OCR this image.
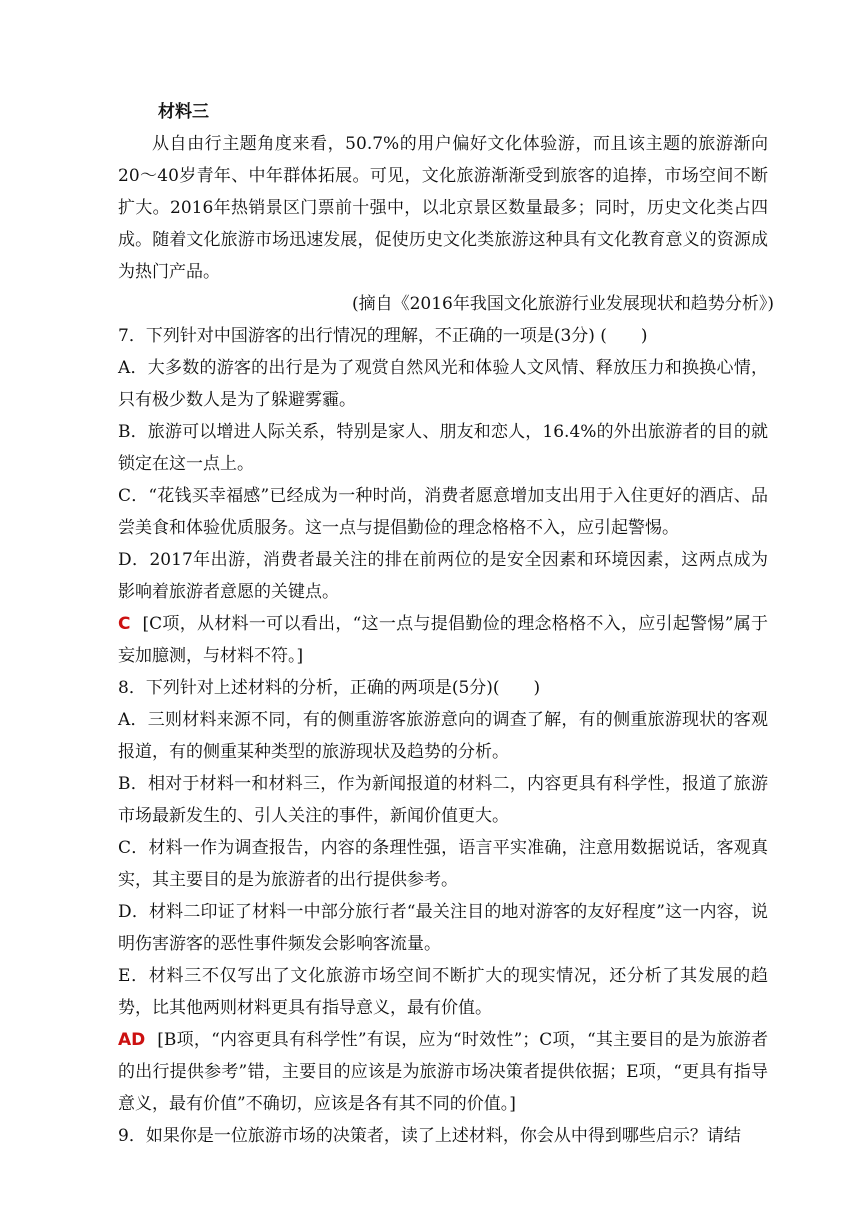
材料三

从自由行主题角度来看，50.7%的用户偏好文化体验游，而且该主题的旅游渐向20～40岁青年、中年群体拓展。可见，文化旅游渐渐受到旅客的追捧，市场空间不断扩大。2016年热销景区门票前十强中，以北京景区数量最多；同时，历史文化类占四成。随着文化旅游市场迅速发展，促使历史文化类旅游这种具有文化教育意义的资源成为热门产品。

(摘自《2016年我国文化旅游行业发展现状和趋势分析》)

7．下列针对中国游客的出行情况的理解，不正确的一项是(3分) (　　)

A．大多数的游客的出行是为了观赏自然风光和体验人文风情、释放压力和换换心情，只有极少数人是为了躲避雾霾。

B．旅游可以增进人际关系，特别是家人、朋友和恋人，16.4%的外出旅游者的目的就锁定在这一点上。

C．“花钱买幸福感”已经成为一种时尚，消费者愿意增加支出用于入住更好的酒店、品尝美食和体验优质服务。这一点与提倡勤俭的理念格格不入，应引起警惕。

D．2017年出游，消费者最关注的排在前两位的是安全因素和环境因素，这两点成为影响着旅游者意愿的关键点。

C [C项，从材料一可以看出，“这一点与提倡勤俭的理念格格不入，应引起警惕”属于妄加臆测，与材料不符。]

8．下列针对上述材料的分析，正确的两项是(5分)(　　)

A．三则材料来源不同，有的侧重游客旅游意向的调查了解，有的侧重旅游现状的客观报道，有的侧重某种类型的旅游现状及趋势的分析。

B．相对于材料一和材料三，作为新闻报道的材料二，内容更具有科学性，报道了旅游市场最新发生的、引人关注的事件，新闻价值更大。

C．材料一作为调查报告，内容的条理性强，语言平实准确，注意用数据说话，客观真实，其主要目的是为旅游者的出行提供参考。

D．材料二印证了材料一中部分旅行者“最关注目的地对游客的友好程度”这一内容，说明伤害游客的恶性事件频发会影响客流量。

E．材料三不仅写出了文化旅游市场空间不断扩大的现实情况，还分析了其发展的趋势，比其他两则材料更具有指导意义，最有价值。

AD [B项，“内容更具有科学性”有误，应为“时效性”；C项，“其主要目的是为旅游者的出行提供参考”错，主要目的应该是为旅游市场决策者提供依据；E项，“更具有指导意义，最有价值”不确切，应该是各有其不同的价值。]

9．如果你是一位旅游市场的决策者，读了上述材料，你会从中得到哪些启示？请结
